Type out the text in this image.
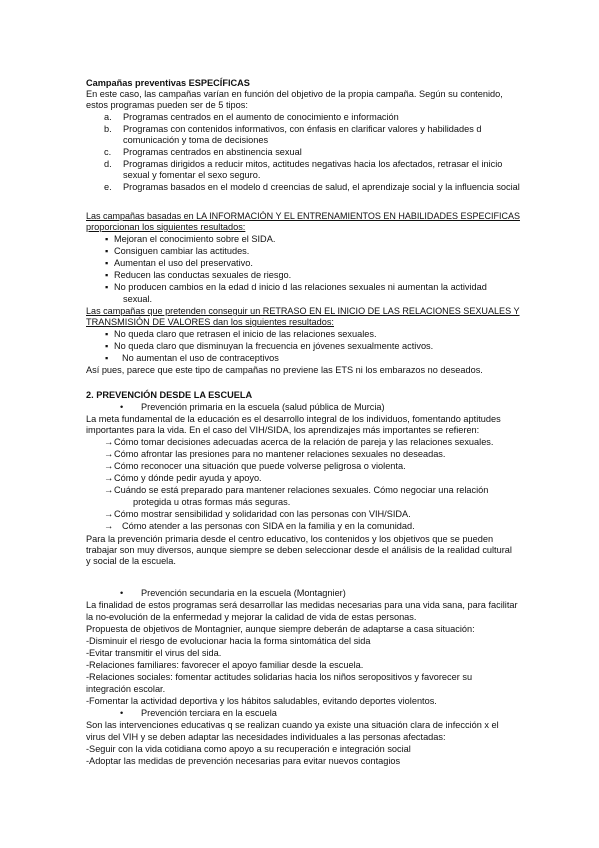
Campañas preventivas ESPECÍFICAS
En este caso, las campañas varían en función del objetivo de la propia campaña. Según su contenido,
estos programas pueden ser de 5 tipos:
a. Programas centrados en el aumento de conocimiento e información
b. Programas con contenidos informativos, con énfasis en clarificar valores y habilidades d
comunicación y toma de decisiones
c. Programas centrados en abstinencia sexual
d. Programas dirigidos a reducir mitos, actitudes negativas hacia los afectados, retrasar el inicio
sexual y fomentar el sexo seguro.
e. Programas basados en el modelo d creencias de salud, el aprendizaje social y la influencia social
Las campañas basadas en LA INFORMACIÓN Y EL ENTRENAMIENTOS EN HABILIDADES ESPECIFICAS
proporcionan los siguientes resultados:
▪ Mejoran el conocimiento sobre el SIDA.
▪ Consiguen cambiar las actitudes.
▪ Aumentan el uso del preservativo.
▪ Reducen las conductas sexuales de riesgo.
▪ No producen cambios en la edad d inicio d las relaciones sexuales ni aumentan la actividad
sexual.
Las campañas que pretenden conseguir un RETRASO EN EL INICIO DE LAS RELACIONES SEXUALES Y
TRANSMISIÓN DE VALORES dan los siguientes resultados:
▪ No queda claro que retrasen el inicio de las relaciones sexuales.
▪ No queda claro que disminuyan la frecuencia en jóvenes sexualmente activos.
▪ No aumentan el uso de contraceptivos
Así pues, parece que este tipo de campañas no previene las ETS ni los embarazos no deseados.
2. PREVENCIÓN DESDE LA ESCUELA
• Prevención primaria en la escuela (salud pública de Murcia)
La meta fundamental de la educación es el desarrollo integral de los individuos, fomentando aptitudes
importantes para la vida. En el caso del VIH/SIDA, los aprendizajes más importantes se refieren:
→ Cómo tomar decisiones adecuadas acerca de la relación de pareja y las relaciones sexuales.
→ Cómo afrontar las presiones para no mantener relaciones sexuales no deseadas.
→ Cómo reconocer una situación que puede volverse peligrosa o violenta.
→ Cómo y dónde pedir ayuda y apoyo.
→ Cuándo se está preparado para mantener relaciones sexuales. Cómo negociar una relación
protegida u otras formas más seguras.
→ Cómo mostrar sensibilidad y solidaridad con las personas con VIH/SIDA.
→ Cómo atender a las personas con SIDA en la familia y en la comunidad.
Para la prevención primaria desde el centro educativo, los contenidos y los objetivos que se pueden
trabajar son muy diversos, aunque siempre se deben seleccionar desde el análisis de la realidad cultural
y social de la escuela.
• Prevención secundaria en la escuela (Montagnier)
La finalidad de estos programas será desarrollar las medidas necesarias para una vida sana, para facilitar
la no-evolución de la enfermedad y mejorar la calidad de vida de estas personas.
Propuesta de objetivos de Montagnier, aunque siempre deberán de adaptarse a casa situación:
-Disminuir el riesgo de evolucionar hacia la forma sintomática del sida
-Evitar transmitir el virus del sida.
-Relaciones familiares: favorecer el apoyo familiar desde la escuela.
-Relaciones sociales: fomentar actitudes solidarias hacia los niños seropositivos y favorecer su
integración escolar.
-Fomentar la actividad deportiva y los hábitos saludables, evitando deportes violentos.
• Prevención terciara en la escuela
Son las intervenciones educativas q se realizan cuando ya existe una situación clara de infección x el
virus del VIH y se deben adaptar las necesidades individuales a las personas afectadas:
-Seguir con la vida cotidiana como apoyo a su recuperación e integración social
-Adoptar las medidas de prevención necesarias para evitar nuevos contagios
